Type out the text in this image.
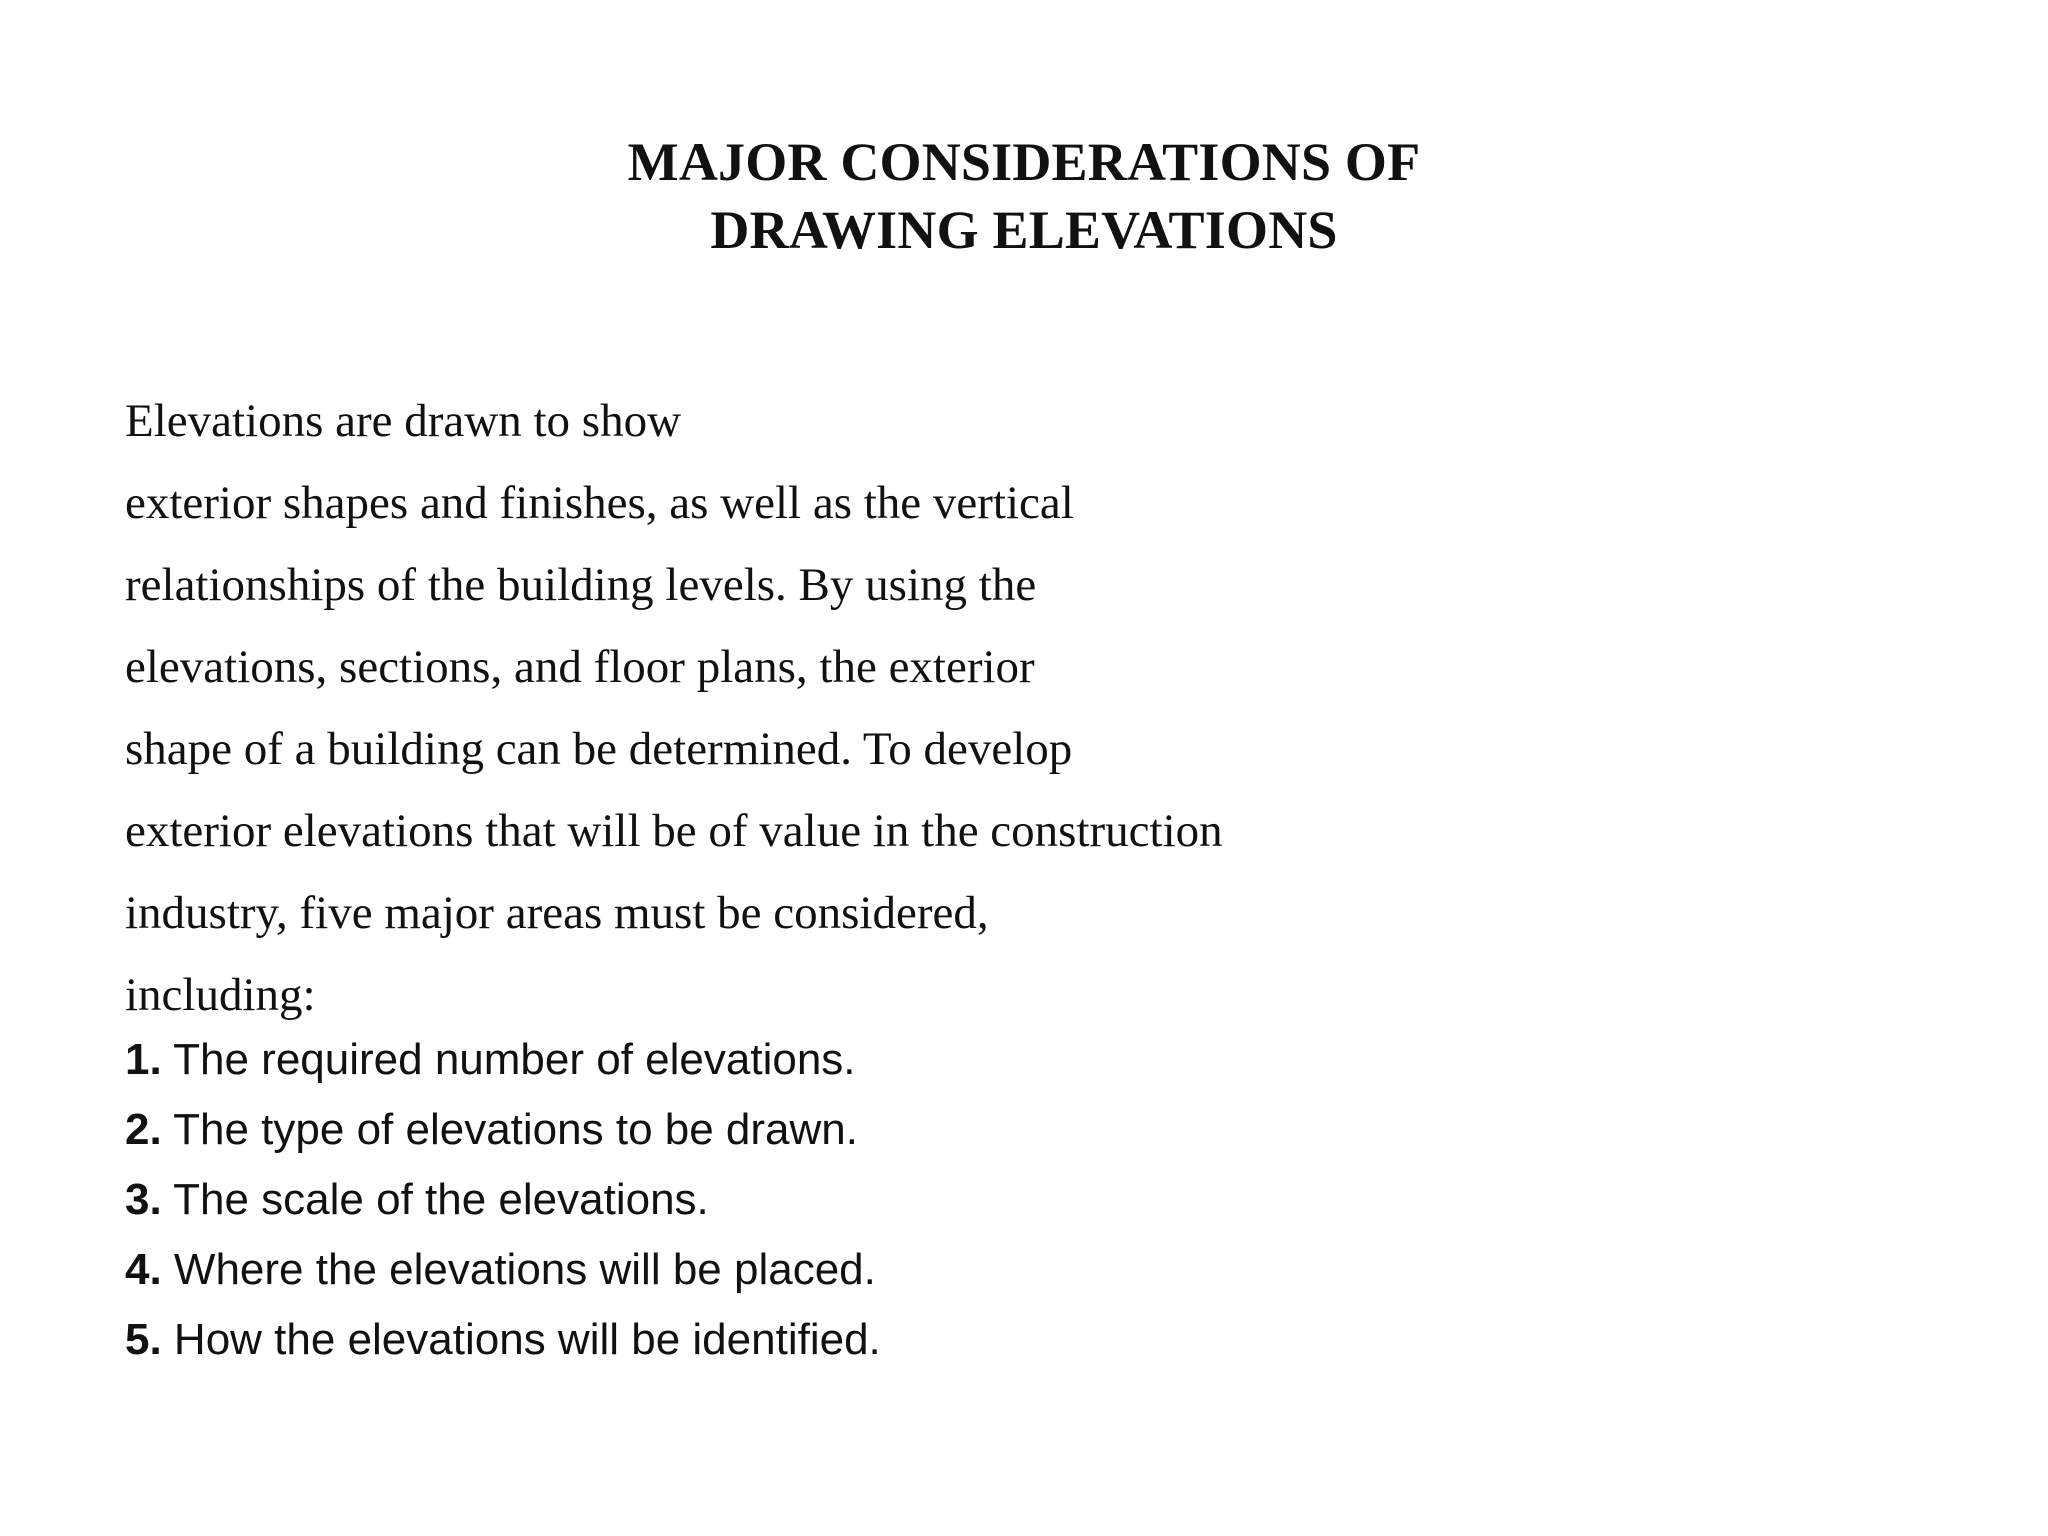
MAJOR CONSIDERATIONS OF
DRAWING ELEVATIONS
Elevations are drawn to show
exterior shapes and finishes, as well as the vertical
relationships of the building levels. By using the
elevations, sections, and floor plans, the exterior
shape of a building can be determined. To develop
exterior elevations that will be of value in the construction
industry, five major areas must be considered,
including:
1. The required number of elevations.
2. The type of elevations to be drawn.
3. The scale of the elevations.
4. Where the elevations will be placed.
5. How the elevations will be identified.
